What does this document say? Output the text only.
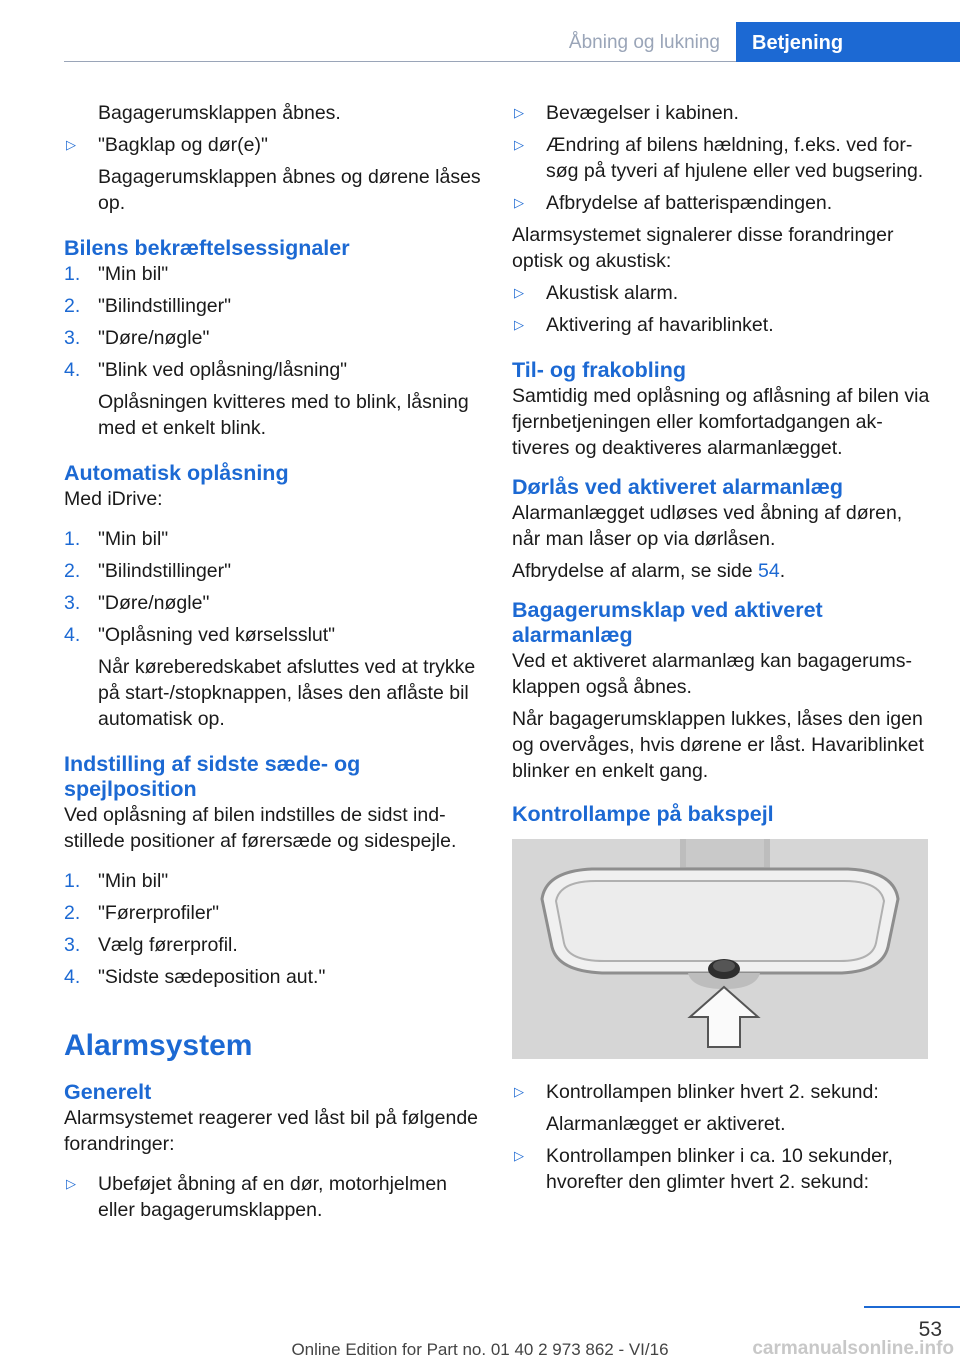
Åbning og lukning	Betjening

Bagagerumsklappen åbnes.

▷ "Bagklap og dør(e)"

Bagagerumsklappen åbnes og dørene låses op.

Bilens bekræftelsessignaler
1. "Min bil"
2. "Bilindstillinger"
3. "Døre/nøgle"
4. "Blink ved oplåsning/låsning"

Oplåsningen kvitteres med to blink, låsning med et enkelt blink.

Automatisk oplåsning

Med iDrive:

1. "Min bil"
2. "Bilindstillinger"
3. "Døre/nøgle"
4. "Oplåsning ved kørselsslut"

Når køreberedskabet afsluttes ved at trykke på start-/stopknappen, låses den aflåste bil automatisk op.

Indstilling af sidste sæde- og spejlposition

Ved oplåsning af bilen indstilles de sidst indstillede positioner af førersæde og sidespejle.

1. "Min bil"
2. "Førerprofiler"
3. Vælg førerprofil.
4. "Sidste sædeposition aut."
Alarmsystem
Generelt

Alarmsystemet reagerer ved låst bil på følgende forandringer:

▷ Ubeføjet åbning af en dør, motorhjelmen eller bagagerumsklappen.
▷ Bevægelser i kabinen.
▷ Ændring af bilens hældning, f.eks. ved forsøg på tyveri af hjulene eller ved bugsering.
▷ Afbrydelse af batterispændingen.

Alarmsystemet signalerer disse forandringer optisk og akustisk:

▷ Akustisk alarm.
▷ Aktivering af havariblinket.
Til- og frakobling

Samtidig med oplåsning og aflåsning af bilen via fjernbetjeningen eller komfortadgangen aktiveres og deaktiveres alarmanlægget.

Dørlås ved aktiveret alarmanlæg

Alarmanlægget udløses ved åbning af døren, når man låser op via dørlåsen.

Afbrydelse af alarm, se side 54.

Bagagerumsklap ved aktiveret alarmanlæg

Ved et aktiveret alarmanlæg kan bagagerumsklappen også åbnes.

Når bagagerumsklappen lukkes, låses den igen og overvåges, hvis dørene er låst. Havariblinket blinker en enkelt gang.

Kontrollampe på bakspejl
▷ Kontrollampen blinker hvert 2. sekund:

Alarmanlægget er aktiveret.

▷ Kontrollampen blinker i ca. 10 sekunder, hvorefter den glimter hvert 2. sekund:
53
Online Edition for Part no. 01 40 2 973 862 - VI/16	carmanualsonline.info
